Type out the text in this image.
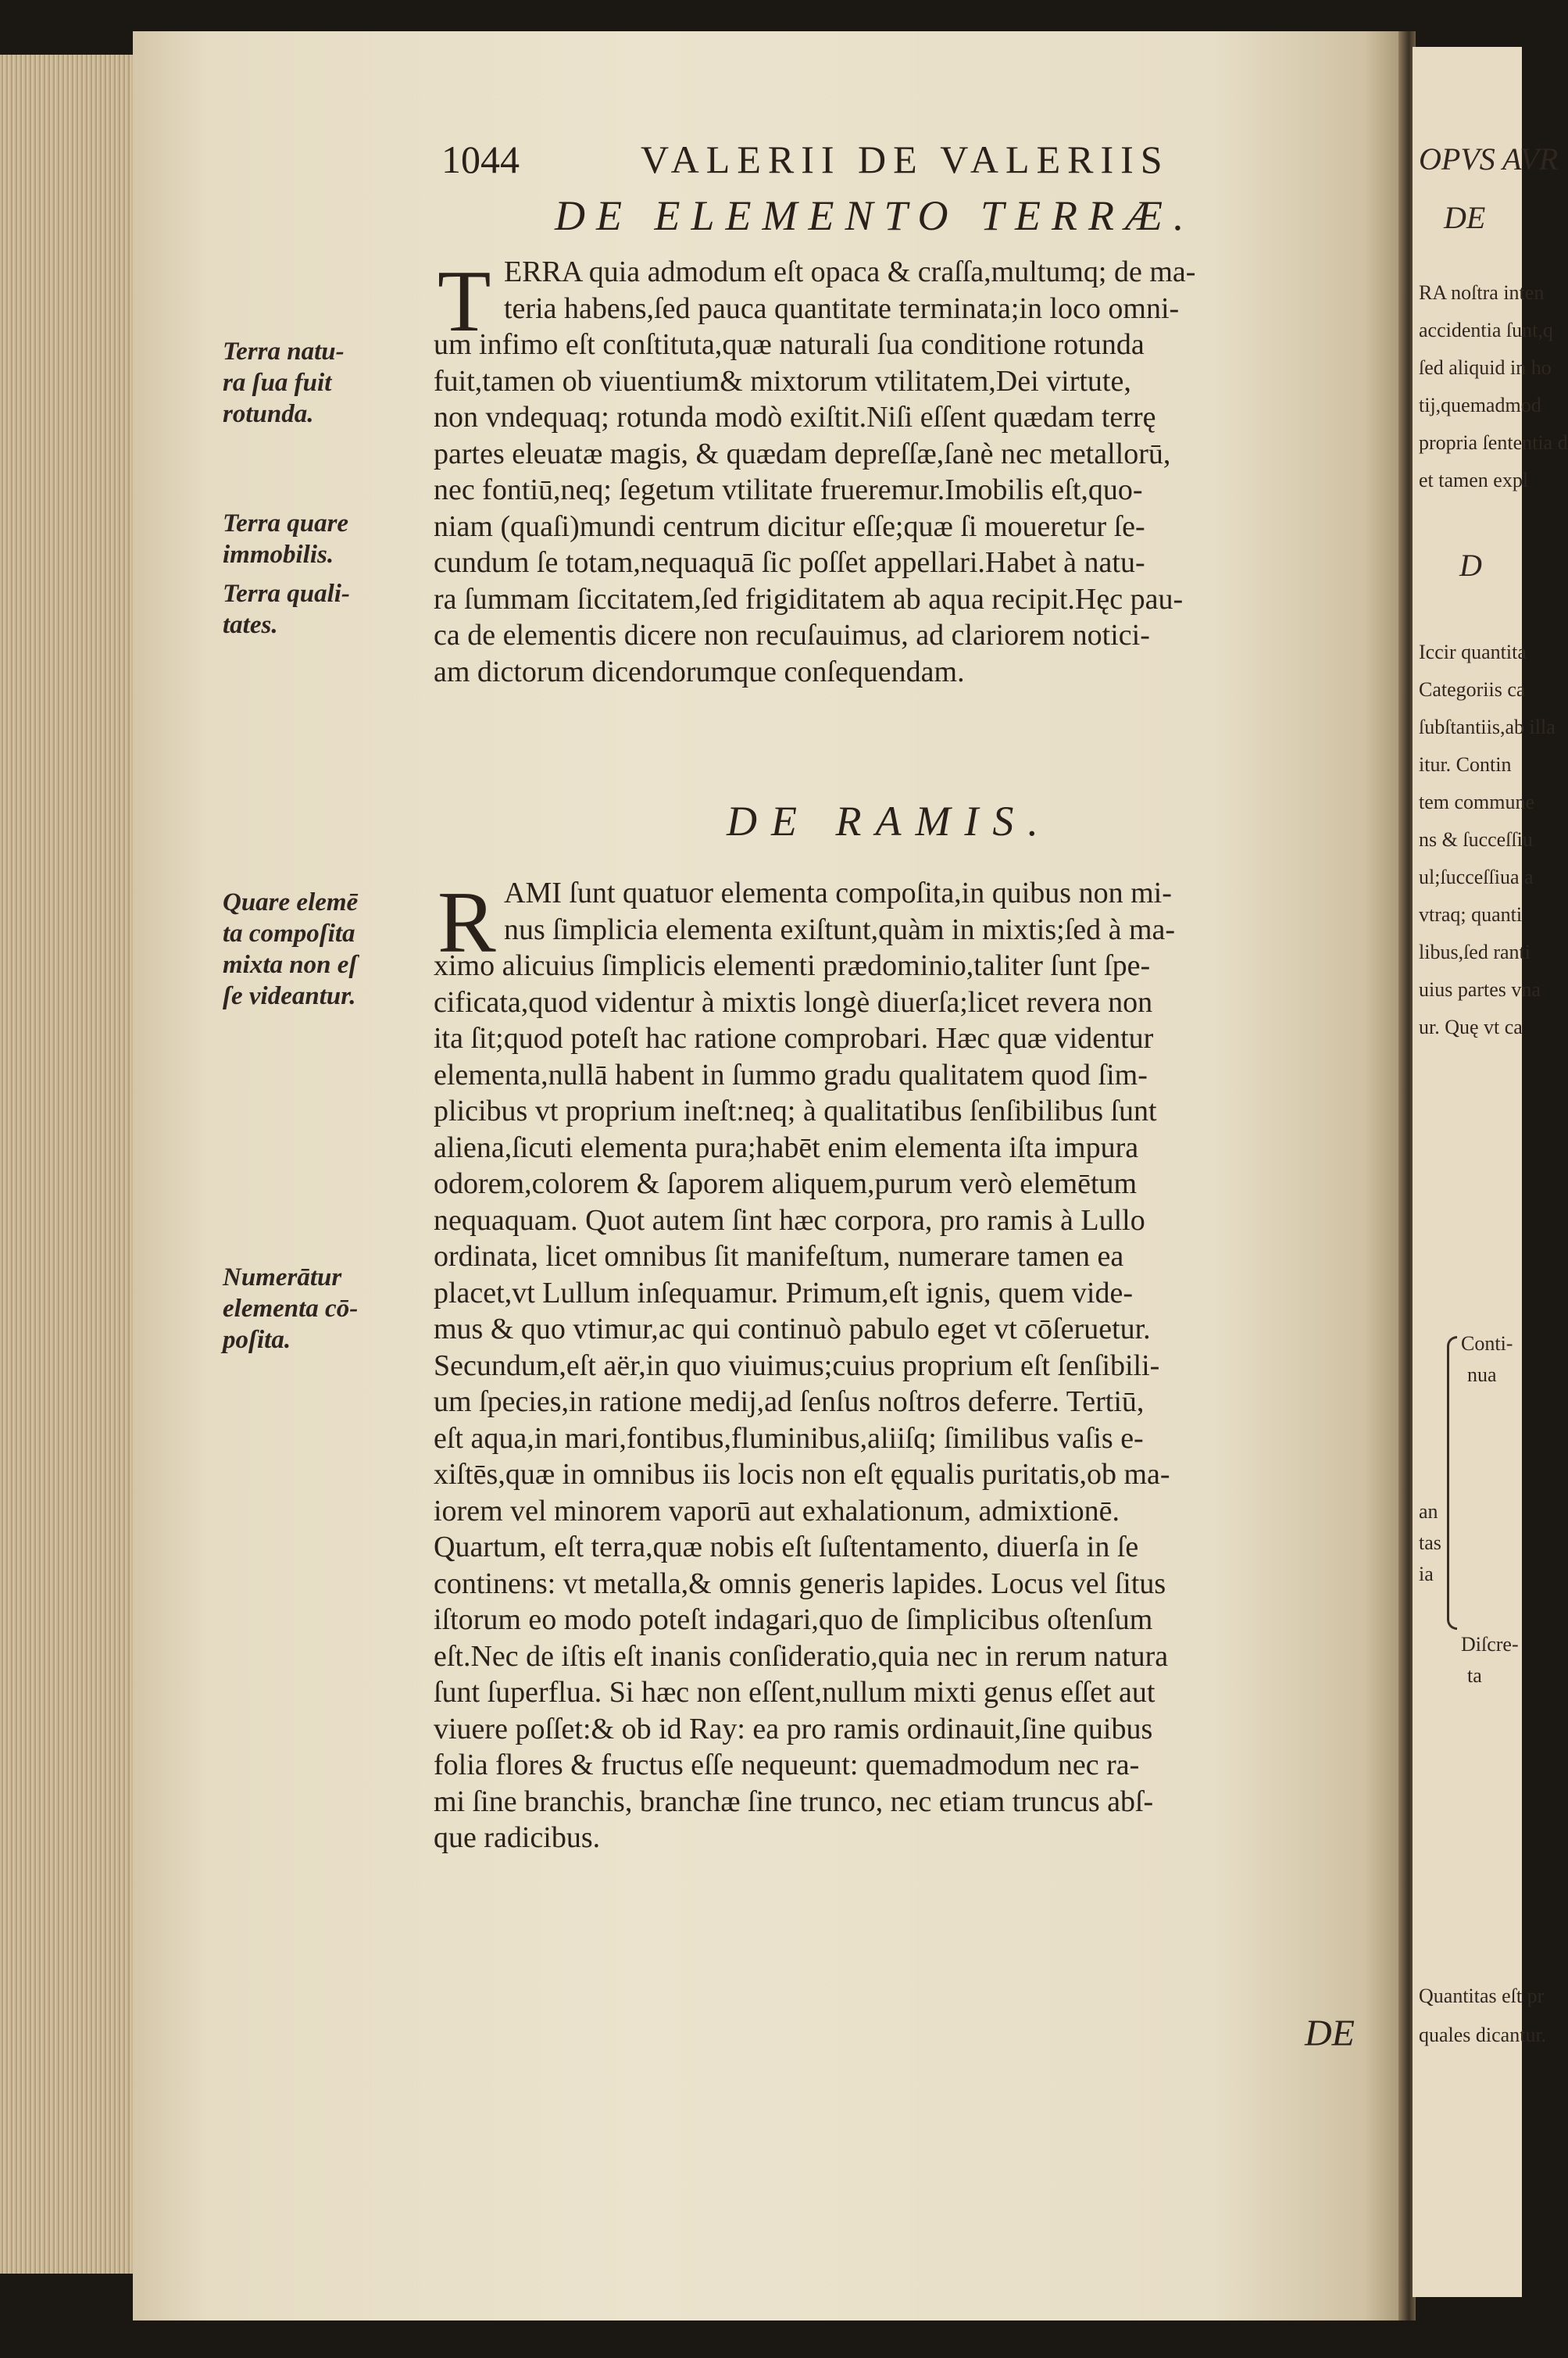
OPVS AVR
DE
RA noſtra inten
accidentia ſunt,q
ſed aliquid in ho
tij,quemadmod
propria ſententia d
et tamen expl
D
Iccir quantita
Categoriis ca
ſubſtantiis,ab illa
itur. Contin
tem commune
ns & ſucceſſiu
ul;ſucceſſiua a
vtraq; quanti
libus,ſed ranti
uius partes vna
ur. Quę vt ca
Conti-
nua
an
tas
ia
Diſcre-
ta
Quantitas eſt pr
quales dicantur.
1044	VALERII DE VALERIIS
DE ELEMENTO TERRÆ.
T ERRA quia admodum eſt opaca & craſſa,multumq; de ma-
teria habens,ſed pauca quantitate terminata;in loco omni-
um infimo eſt conſtituta,quæ naturali ſua conditione rotunda
fuit,tamen ob viuentium& mixtorum vtilitatem,Dei virtute,
non vndequaq; rotunda modò exiſtit.Niſi eſſent quædam terrę
partes eleuatæ magis, & quædam depreſſæ,ſanè nec metallorū,
nec fontiū,neq; ſegetum vtilitate frueremur.Imobilis eſt,quo-
niam (quaſi)mundi centrum dicitur eſſe;quæ ſi moueretur ſe-
cundum ſe totam,nequaquā ſic poſſet appellari.Habet à natu-
ra ſummam ſiccitatem,ſed frigiditatem ab aqua recipit.Hęc pau-
ca de elementis dicere non recuſauimus, ad clariorem notici-
am dictorum dicendorumque conſequendam.
Terra natu-
ra ſua fuit
rotunda.
Terra quare
immobilis.
Terra quali-
tates.
DE RAMIS.
R AMI ſunt quatuor elementa compoſita,in quibus non mi-
nus ſimplicia elementa exiſtunt,quàm in mixtis;ſed à ma-
ximo alicuius ſimplicis elementi prædominio,taliter ſunt ſpe-
cificata,quod videntur à mixtis longè diuerſa;licet revera non
ita ſit;quod poteſt hac ratione comprobari. Hæc quæ videntur
elementa,nullā habent in ſummo gradu qualitatem quod ſim-
plicibus vt proprium ineſt:neq; à qualitatibus ſenſibilibus ſunt
aliena,ſicuti elementa pura;habēt enim elementa iſta impura
odorem,colorem & ſaporem aliquem,purum verò elemētum
nequaquam. Quot autem ſint hæc corpora, pro ramis à Lullo
ordinata, licet omnibus ſit manifeſtum, numerare tamen ea
placet,vt Lullum inſequamur. Primum,eſt ignis, quem vide-
mus & quo vtimur,ac qui continuò pabulo eget vt cōſeruetur.
Secundum,eſt aër,in quo viuimus;cuius proprium eſt ſenſibili-
um ſpecies,in ratione medij,ad ſenſus noſtros deferre. Tertiū,
eſt aqua,in mari,fontibus,fluminibus,aliiſq; ſimilibus vaſis e-
xiſtēs,quæ in omnibus iis locis non eſt ęqualis puritatis,ob ma-
iorem vel minorem vaporū aut exhalationum, admixtionē.
Quartum, eſt terra,quæ nobis eſt ſuſtentamento, diuerſa in ſe
continens: vt metalla,& omnis generis lapides. Locus vel ſitus
iſtorum eo modo poteſt indagari,quo de ſimplicibus oſtenſum
eſt.Nec de iſtis eſt inanis conſideratio,quia nec in rerum natura
ſunt ſuperflua. Si hæc non eſſent,nullum mixti genus eſſet aut
viuere poſſet:& ob id Ray: ea pro ramis ordinauit,ſine quibus
folia flores & fructus eſſe nequeunt: quemadmodum nec ra-
mi ſine branchis, branchæ ſine trunco, nec etiam truncus abſ-
que radicibus.
Quare elemē
ta compoſita
mixta non eſ
ſe videantur.
Numerātur
elementa cō-
poſita.
DE
